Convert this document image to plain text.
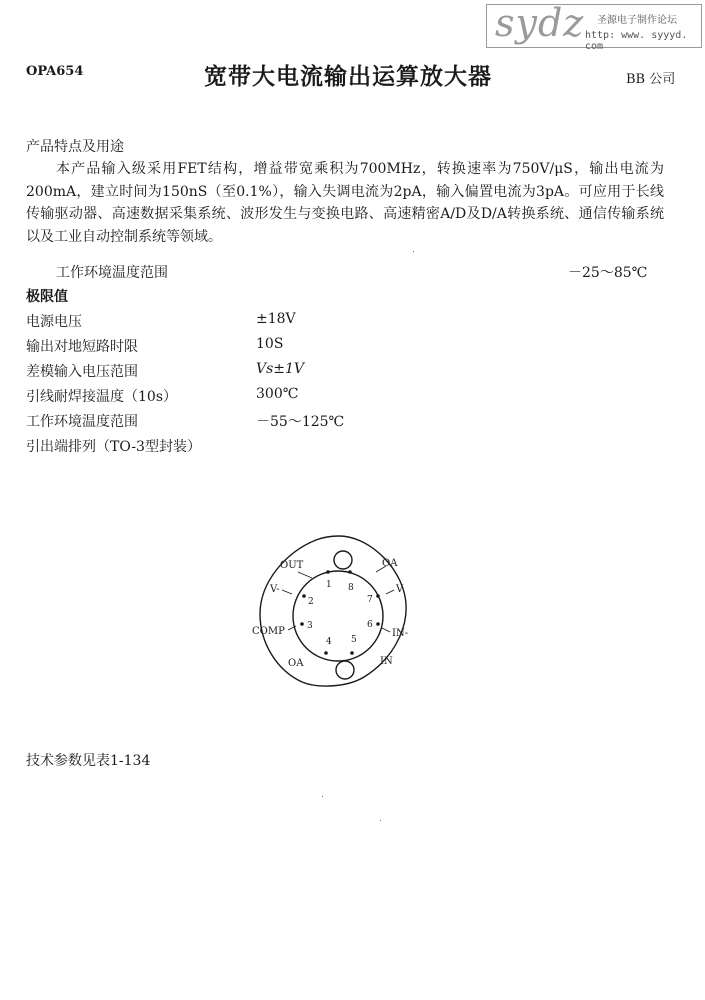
sydz 圣源电子制作论坛
http: www. syyyd. com
OPA654	宽带大电流输出运算放大器	BB 公司
产品特点及用途
本产品输入级采用FET结构，增益带宽乘积为700MHz，转换速率为750V/μS，输出电流为200mA，建立时间为150nS（至0.1%），输入失调电流为2pA，输入偏置电流为3pA。可应用于长线传输驱动器、高速数据采集系统、波形发生与变换电路、高速精密A/D及D/A转换系统、通信传输系统以及工业自动控制系统等领域。
工作环境温度范围	－25～85℃
极限值
电源电压	±18V
输出对地短路时限	10S
差模输入电压范围	Vs±1V
引线耐焊接温度（10s）	300℃
工作环境温度范围	－55～125℃
引出端排列（TO-3型封装）
1 8
2	7
3	6
4 5
OUT	OA
V-	V
COMP	IN-
OA	IN
技术参数见表1-134
